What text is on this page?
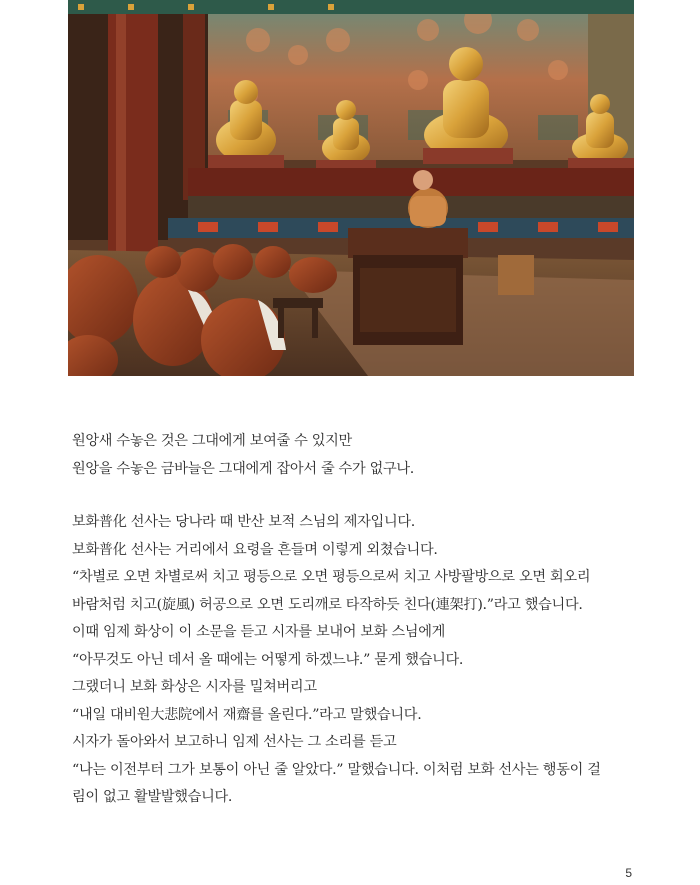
원앙새 수놓은 것은 그대에게 보여줄 수 있지만
원앙을 수놓은 금바늘은 그대에게 잡아서 줄 수가 없구나.
보화普化 선사는 당나라 때 반산 보적 스님의 제자입니다.
보화普化 선사는 거리에서 요령을 흔들며 이렇게 외쳤습니다.
“차별로 오면 차별로써 치고 평등으로 오면 평등으로써 치고 사방팔방으로 오면 회오리
바람처럼 치고(旋風) 허공으로 오면 도리깨로 타작하듯 친다(連架打).”라고 했습니다.
이때 임제 화상이 이 소문을 듣고 시자를 보내어 보화 스님에게
“아무것도 아닌 데서 올 때에는 어떻게 하겠느냐.” 묻게 했습니다.
그랬더니 보화 화상은 시자를 밀쳐버리고
“내일 대비원大悲院에서 재齋를 올린다.”라고 말했습니다.
시자가 돌아와서 보고하니 임제 선사는 그 소리를 듣고
“나는 이전부터 그가 보통이 아닌 줄 알았다.” 말했습니다. 이처럼 보화 선사는 행동이 걸
림이 없고 활발발했습니다.
5
